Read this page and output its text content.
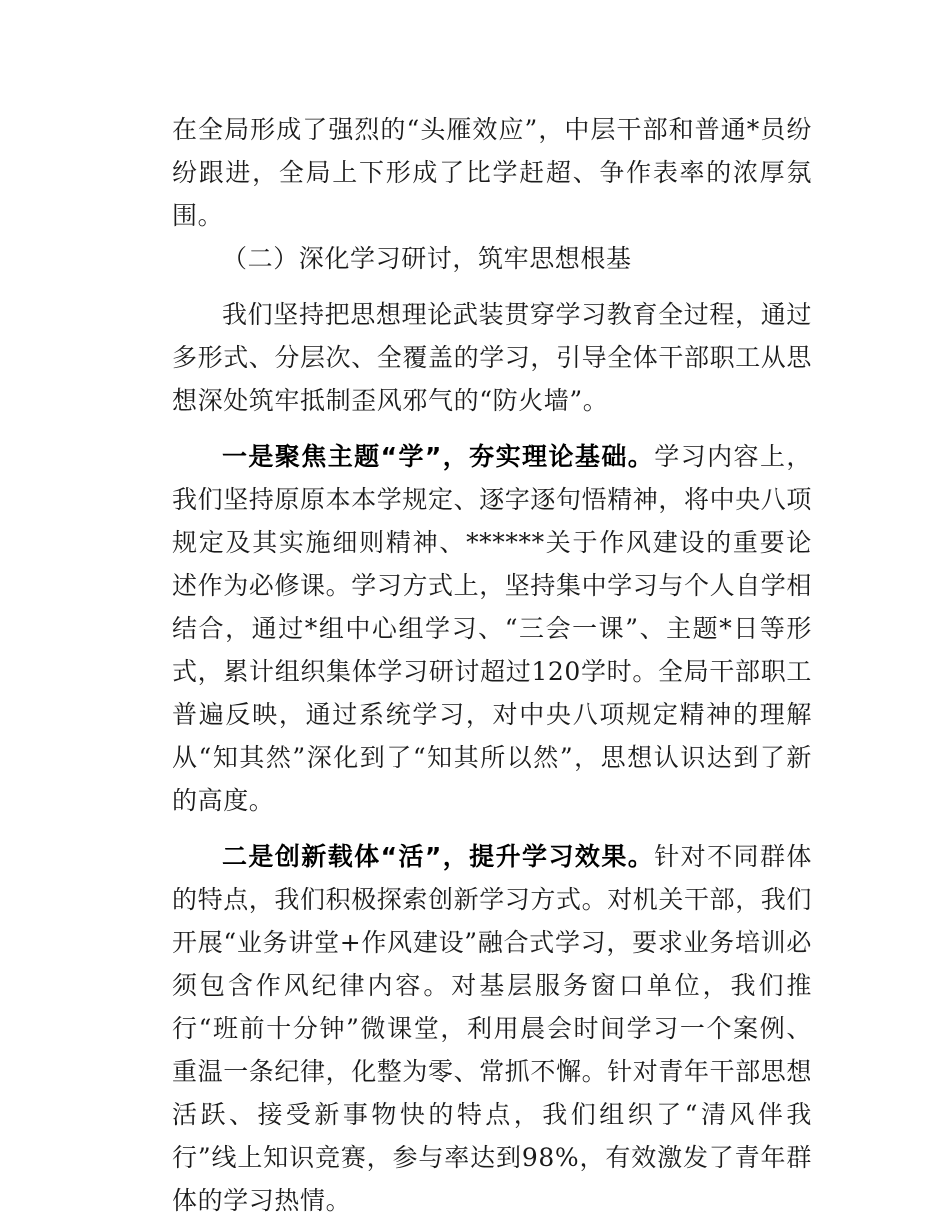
在全局形成了强烈的“头雁效应”，中层干部和普通*员纷纷跟进，全局上下形成了比学赶超、争作表率的浓厚氛围。

（二）深化学习研讨，筑牢思想根基

我们坚持把思想理论武装贯穿学习教育全过程，通过多形式、分层次、全覆盖的学习，引导全体干部职工从思想深处筑牢抵制歪风邪气的“防火墙”。

一是聚焦主题“学”，夯实理论基础。学习内容上，我们坚持原原本本学规定、逐字逐句悟精神，将中央八项规定及其实施细则精神、******关于作风建设的重要论述作为必修课。学习方式上，坚持集中学习与个人自学相结合，通过*组中心组学习、“三会一课”、主题*日等形式，累计组织集体学习研讨超过120学时。全局干部职工普遍反映，通过系统学习，对中央八项规定精神的理解从“知其然”深化到了“知其所以然”，思想认识达到了新的高度。

二是创新载体“活”，提升学习效果。针对不同群体的特点，我们积极探索创新学习方式。对机关干部，我们开展“业务讲堂+作风建设”融合式学习，要求业务培训必须包含作风纪律内容。对基层服务窗口单位，我们推行“班前十分钟”微课堂，利用晨会时间学习一个案例、重温一条纪律，化整为零、常抓不懈。针对青年干部思想活跃、接受新事物快的特点，我们组织了“清风伴我行”线上知识竞赛，参与率达到98%，有效激发了青年群体的学习热情。
